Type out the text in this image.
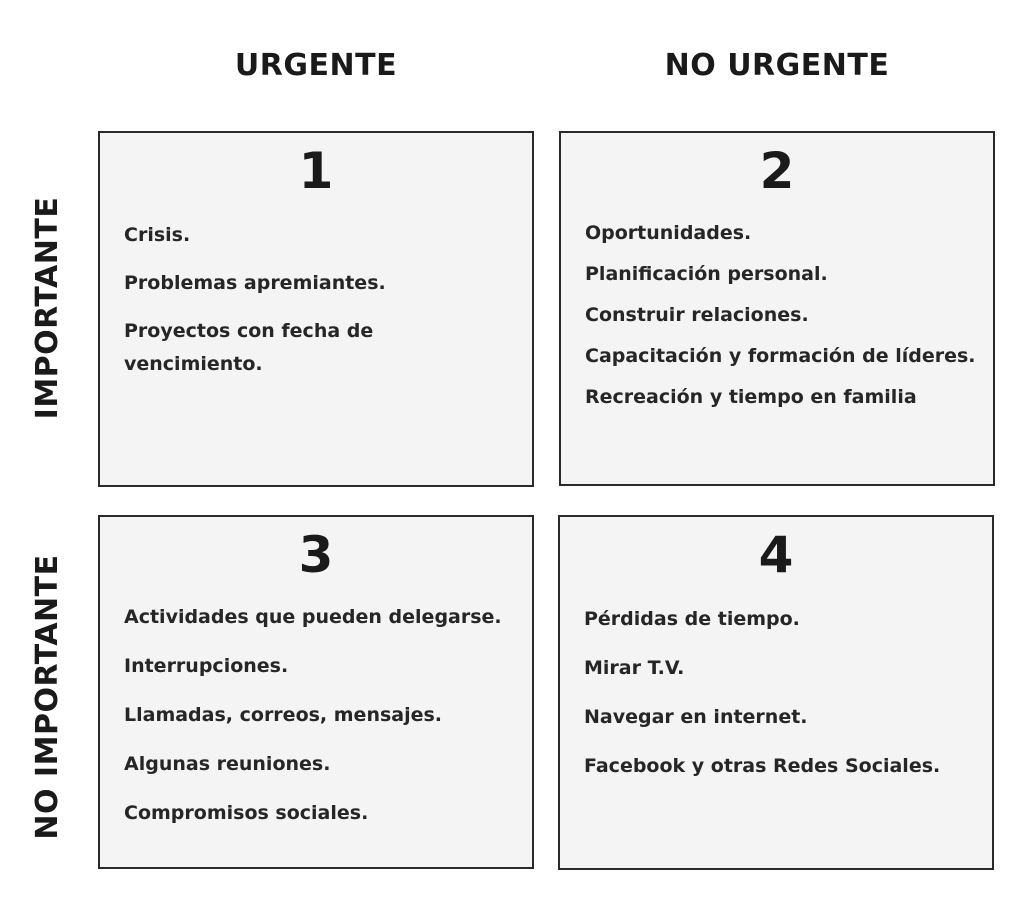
URGENTE	NO URGENTE
IMPORTANTE
NO IMPORTANTE
1
Crisis.
Problemas apremiantes.
Proyectos con fecha de vencimiento.
2
Oportunidades.
Planificación personal.
Construir relaciones.
Capacitación y formación de líderes.
Recreación y tiempo en familia
3
Actividades que pueden delegarse.
Interrupciones.
Llamadas, correos, mensajes.
Algunas reuniones.
Compromisos sociales.
4
Pérdidas de tiempo.
Mirar T.V.
Navegar en internet.
Facebook y otras Redes Sociales.
